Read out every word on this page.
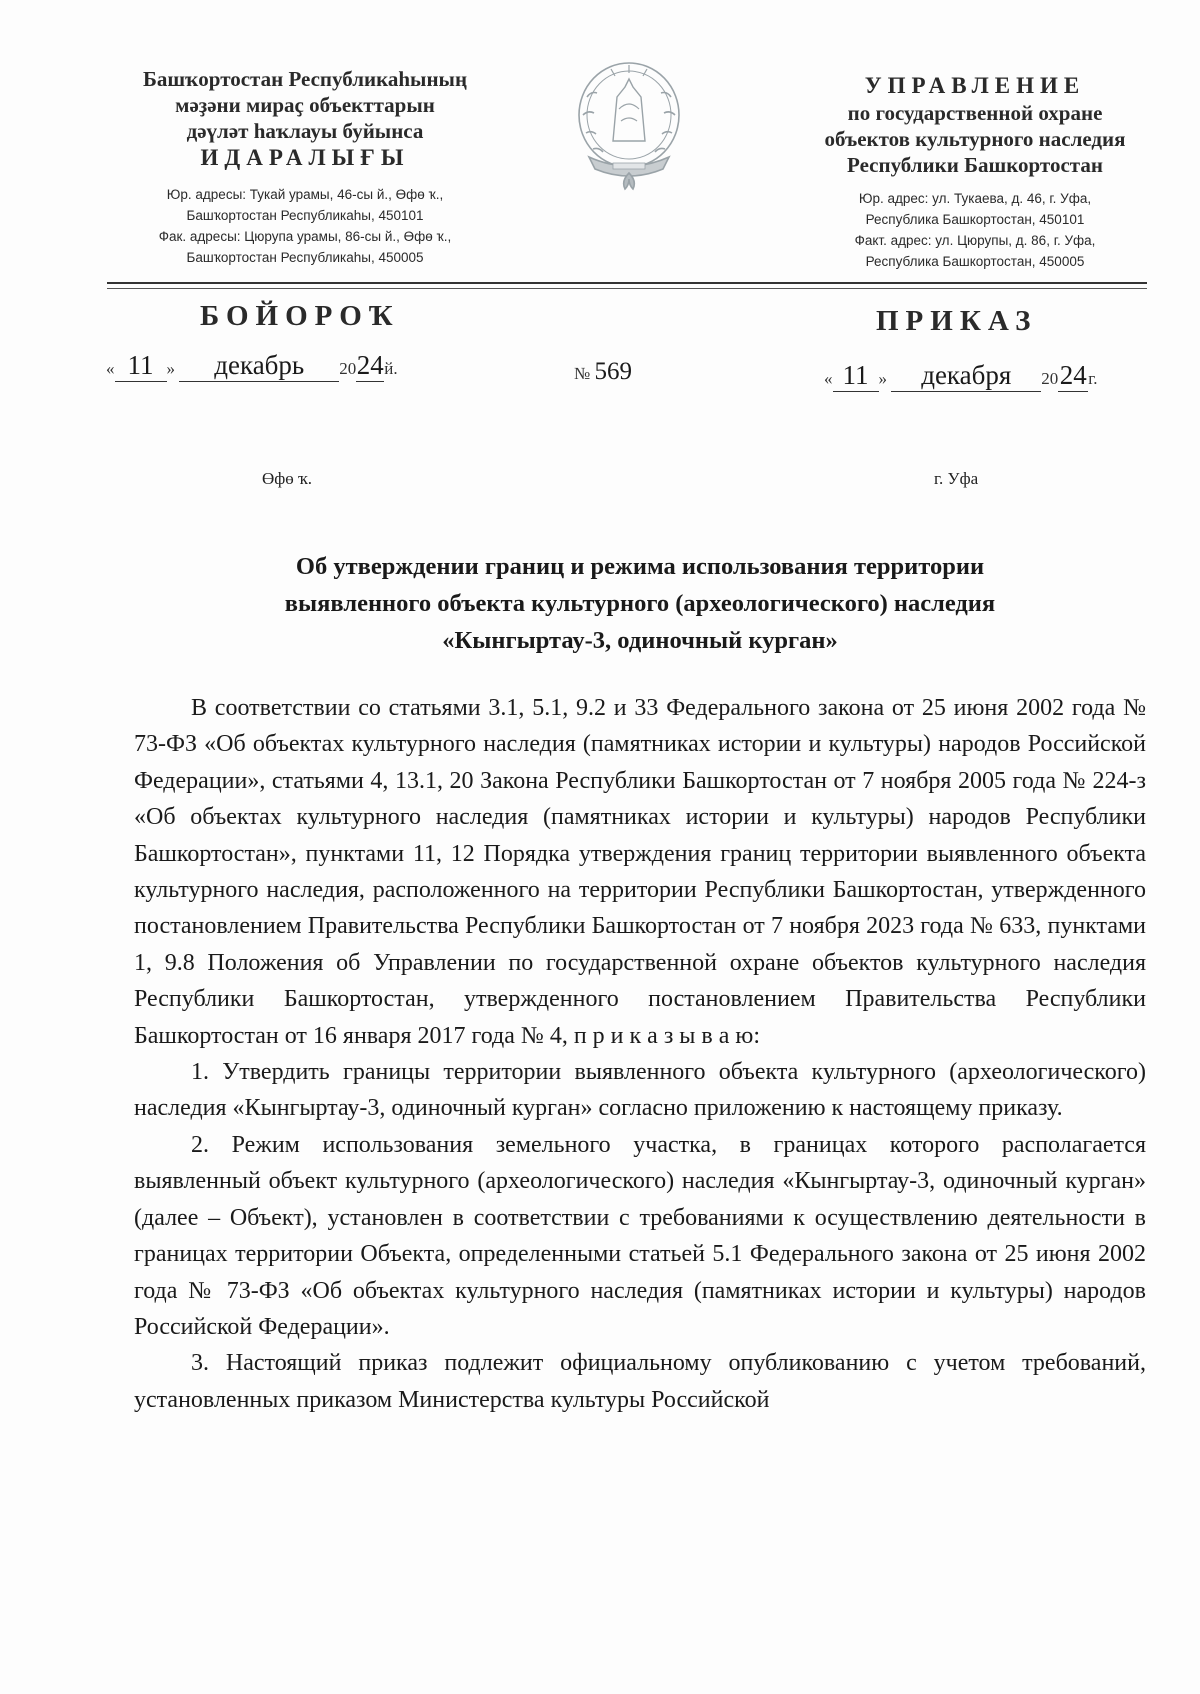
Башҡортостан Республикаһының
мәҙәни мираҫ объекттарын
дәүләт һаҡлауы буйынса
ИДАРАЛЫҒЫ
Юр. адресы: Тукай урамы, 46-сы й., Өфө ҡ.,
Башҡортостан Республикаһы, 450101
Фак. адресы: Цюрупа урамы, 86-сы й., Өфө ҡ.,
Башҡортостан Республикаһы, 450005
УПРАВЛЕНИЕ
по государственной охране
объектов культурного наследия
Республики Башкортостан
Юр. адрес: ул. Тукаева, д. 46, г. Уфа,
Республика Башкортостан, 450101
Факт. адрес: ул. Цюрупы, д. 86, г. Уфа,
Республика Башкортостан, 450005
БОЙОРОҠ	ПРИКАЗ
« 11 » декабрь 2024й.	№ 569	« 11 » декабря 2024г.
Өфө ҡ.	г. Уфа
Об утверждении границ и режима использования территории
выявленного объекта культурного (археологического) наследия
«Кынгыртау-3, одиночный курган»

В соответствии со статьями 3.1, 5.1, 9.2 и 33 Федерального закона от 25 июня 2002 года № 73-ФЗ «Об объектах культурного наследия (памятниках истории и культуры) народов Российской Федерации», статьями 4, 13.1, 20 Закона Республики Башкортостан от 7 ноября 2005 года № 224-з «Об объектах культурного наследия (памятниках истории и культуры) народов Республики Башкортостан», пунктами 11, 12 Порядка утверждения границ территории выявленного объекта культурного наследия, расположенного на территории Республики Башкортостан, утвержденного постановлением Правительства Республики Башкортостан от 7 ноября 2023 года № 633, пунктами 1, 9.8 Положения об Управлении по государственной охране объектов культурного наследия Республики Башкортостан, утвержденного постановлением Правительства Республики Башкортостан от 16 января 2017 года № 4, п р и к а з ы в а ю:

1. Утвердить границы территории выявленного объекта культурного (археологического) наследия «Кынгыртау-3, одиночный курган» согласно приложению к настоящему приказу.

2. Режим использования земельного участка, в границах которого располагается выявленный объект культурного (археологического) наследия «Кынгыртау-3, одиночный курган» (далее – Объект), установлен в соответствии с требованиями к осуществлению деятельности в границах территории Объекта, определенными статьей 5.1 Федерального закона от 25 июня 2002 года № 73-ФЗ «Об объектах культурного наследия (памятниках истории и культуры) народов Российской Федерации».

3. Настоящий приказ подлежит официальному опубликованию с учетом требований, установленных приказом Министерства культуры Российской
